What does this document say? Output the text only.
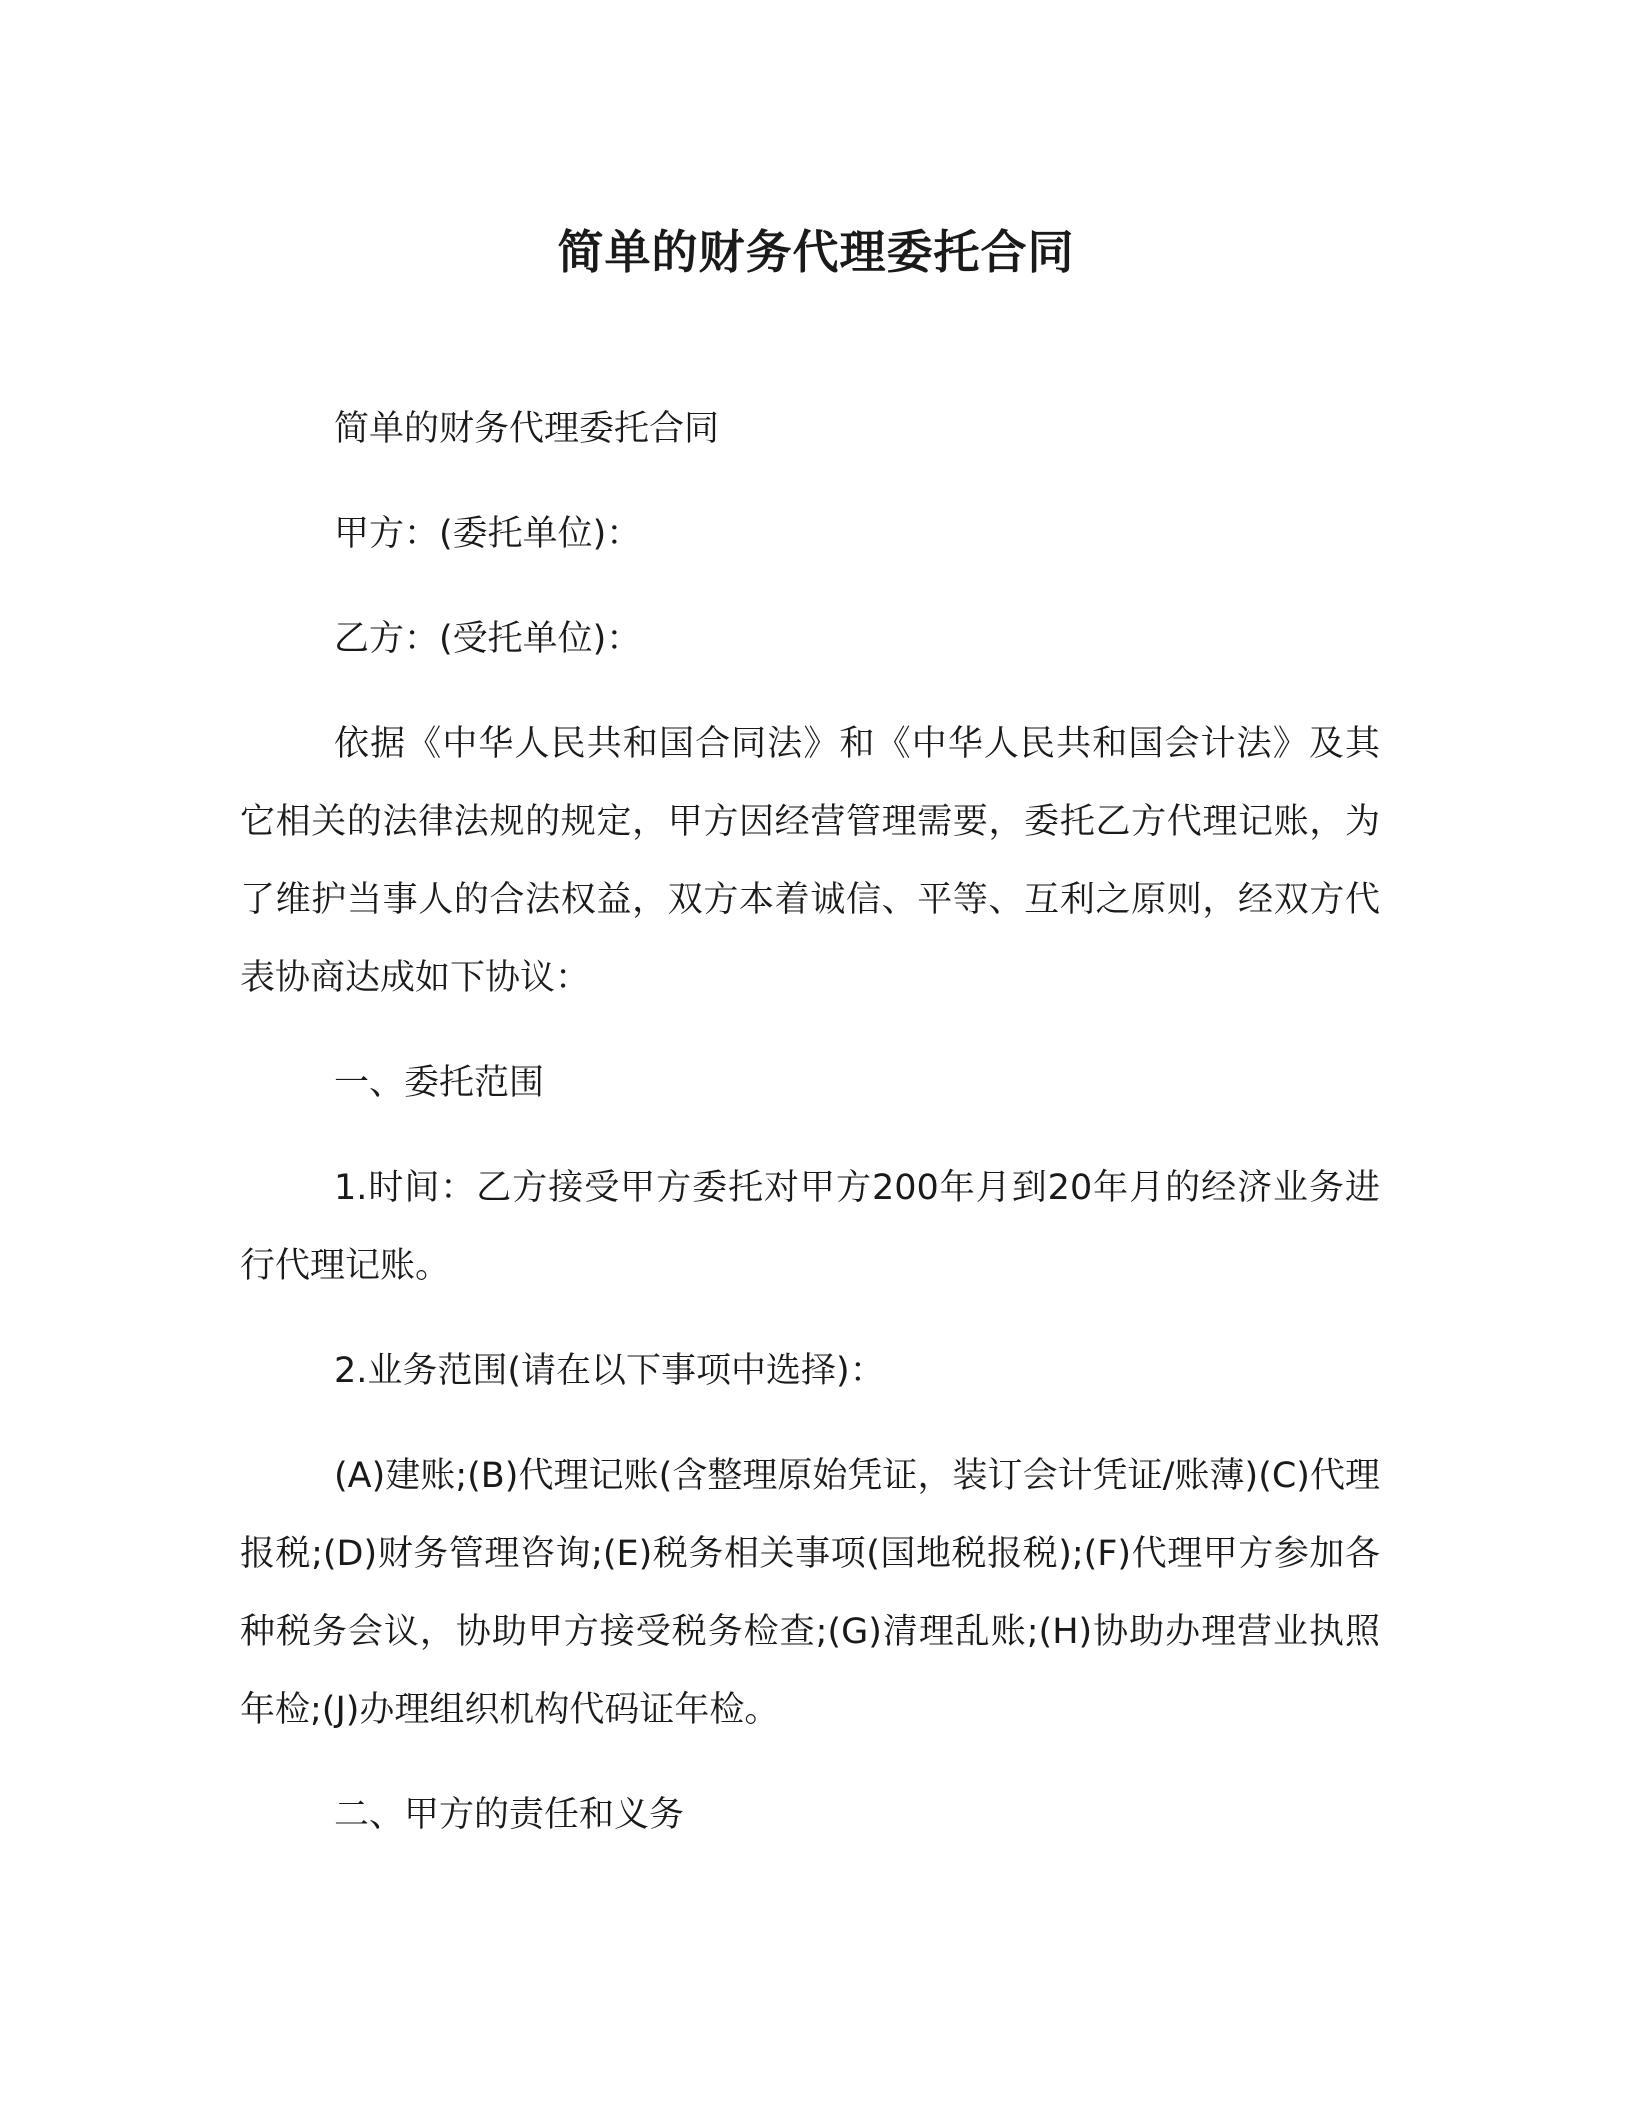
简单的财务代理委托合同

简单的财务代理委托合同

甲方：(委托单位)：

乙方：(受托单位)：

依据《中华人民共和国合同法》和《中华人民共和国会计法》及其它相关的法律法规的规定，甲方因经营管理需要，委托乙方代理记账，为了维护当事人的合法权益，双方本着诚信、平等、互利之原则，经双方代表协商达成如下协议：

一、委托范围

1.时间：乙方接受甲方委托对甲方200年月到20年月的经济业务进行代理记账。

2.业务范围(请在以下事项中选择)：

(A)建账;(B)代理记账(含整理原始凭证，装订会计凭证/账薄)(C)代理报税;(D)财务管理咨询;(E)税务相关事项(国地税报税);(F)代理甲方参加各种税务会议，协助甲方接受税务检查;(G)清理乱账;(H)协助办理营业执照年检;(J)办理组织机构代码证年检。

二、甲方的责任和义务
